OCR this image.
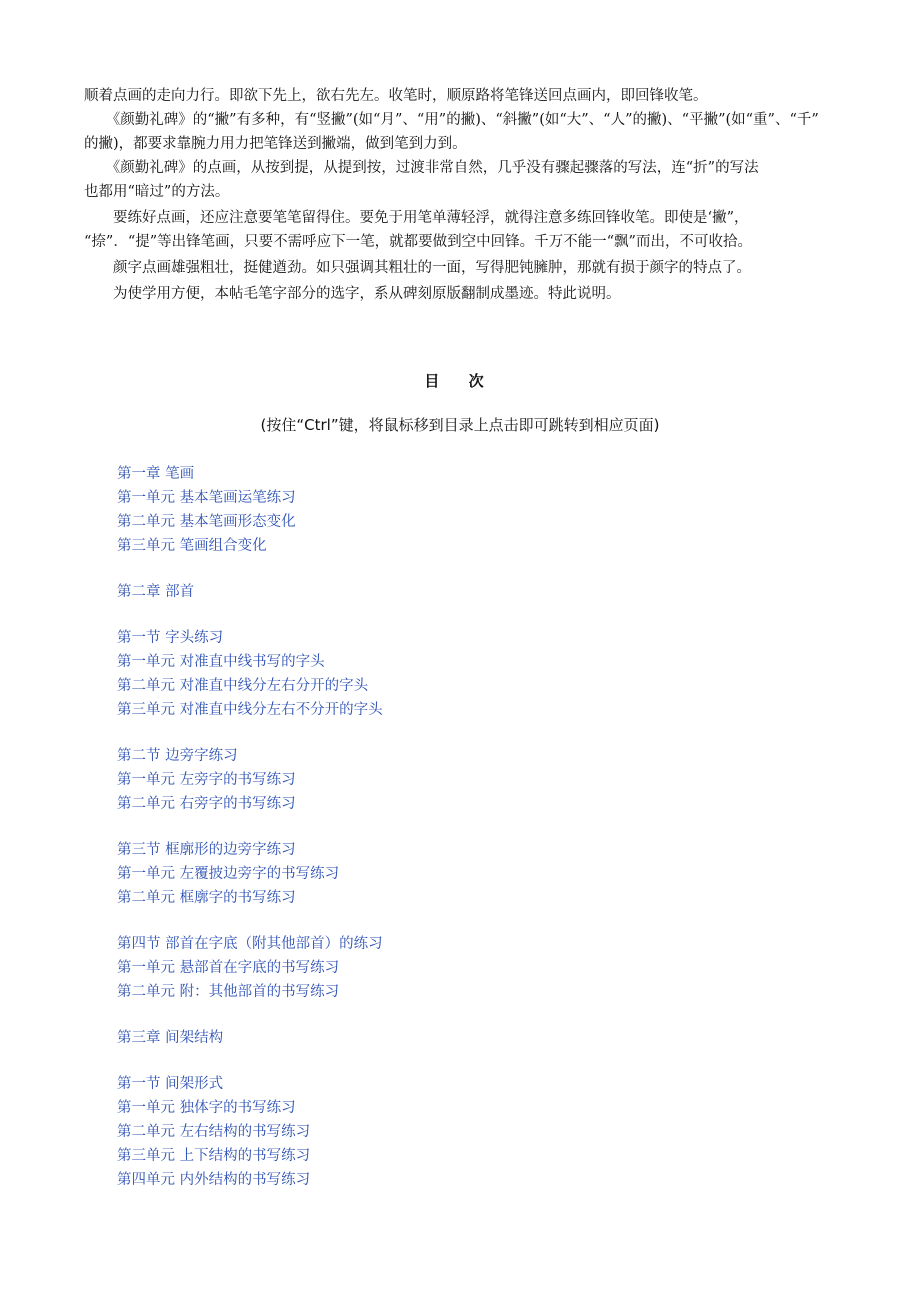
顺着点画的走向力行。即欲下先上，欲右先左。收笔时，顺原路将笔锋送回点画内，即回锋收笔。

　　《颜勤礼碑》的“撇”有多种，有“竖撇”(如“月”、“用”的撇)、“斜撇”(如“大”、“人”的撇)、“平撇”(如“重”、“千”

的撇)，都要求靠腕力用力把笔锋送到撇端，做到笔到力到。

　　《颜勤礼碑》的点画，从按到提，从提到按，过渡非常自然，几乎没有骤起骤落的写法，连“折”的写法

也都用“暗过”的方法。

　　要练好点画，还应注意要笔笔留得住。要免于用笔单薄轻浮，就得注意多练回锋收笔。即使是‘撇”，

“捺”．“提”等出锋笔画，只要不需呼应下一笔，就都要做到空中回锋。千万不能一“飘”而出，不可收拾。

　　颜字点画雄强粗壮，挺健遒劲。如只强调其粗壮的一面，写得肥钝臃肿，那就有损于颜字的特点了。

　　为使学用方便，本帖毛笔字部分的选字，系从碑刻原版翻制成墨迹。特此说明。

目 次
(按住“Ctrl”键，将鼠标移到目录上点击即可跳转到相应页面)
第一章 笔画
第一单元 基本笔画运笔练习
第二单元 基本笔画形态变化
第三单元 笔画组合变化
第二章 部首
第一节 字头练习
第一单元 对准直中线书写的字头
第二单元 对准直中线分左右分开的字头
第三单元 对准直中线分左右不分开的字头
第二节 边旁字练习
第一单元 左旁字的书写练习
第二单元 右旁字的书写练习
第三节 框廓形的边旁字练习
第一单元 左覆披边旁字的书写练习
第二单元 框廓字的书写练习
第四节 部首在字底（附其他部首）的练习
第一单元 悬部首在字底的书写练习
第二单元 附：其他部首的书写练习
第三章 间架结构
第一节 间架形式
第一单元 独体字的书写练习
第二单元 左右结构的书写练习
第三单元 上下结构的书写练习
第四单元 内外结构的书写练习
